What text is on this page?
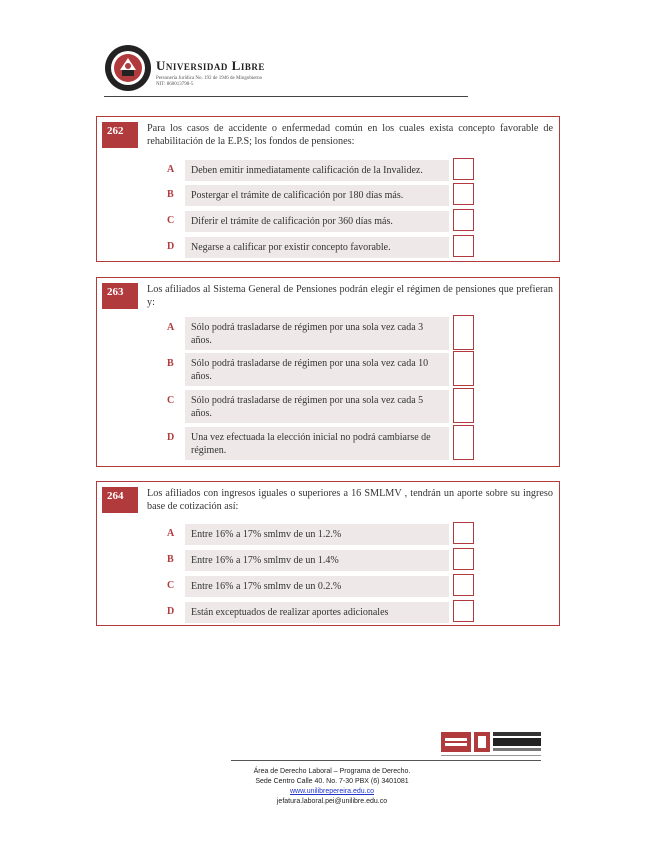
Universidad Libre
Personería Jurídica No. 192 de 1946 de Mingobierno
NIT: 860013798-5
262	Para los casos de accidente o enfermedad común en los cuales exista concepto favorable de rehabilitación de la E.P.S; los fondos de pensiones:
A	Deben emitir inmediatamente calificación de la Invalidez.
B	Postergar el trámite de calificación por 180 días más.
C	Diferir el trámite de calificación por 360 días más.
D	Negarse a calificar por existir concepto favorable.
263	Los afiliados al Sistema General de Pensiones podrán elegir el régimen de pensiones que prefieran y:
A	Sólo podrá trasladarse de régimen por una sola vez cada 3 años.
B	Sólo podrá trasladarse de régimen por una sola vez cada 10 años.
C	Sólo podrá trasladarse de régimen por una sola vez cada 5 años.
D	Una vez efectuada la elección inicial no podrá cambiarse de régimen.
264	Los afiliados con ingresos iguales o superiores a 16 SMLMV , tendrán un aporte sobre su ingreso base de cotización así:
A	Entre 16% a 17% smlmv de un 1.2.%
B	Entre 16% a 17% smlmv de un 1.4%
C	Entre 16% a 17% smlmv de un 0.2.%
D	Están exceptuados de realizar aportes adicionales
Área de Derecho Laboral – Programa de Derecho.
Sede Centro Calle 40. No. 7-30 PBX (6) 3401081
www.unilibrepereira.edu.co
jefatura.laboral.pei@unilibre.edu.co
